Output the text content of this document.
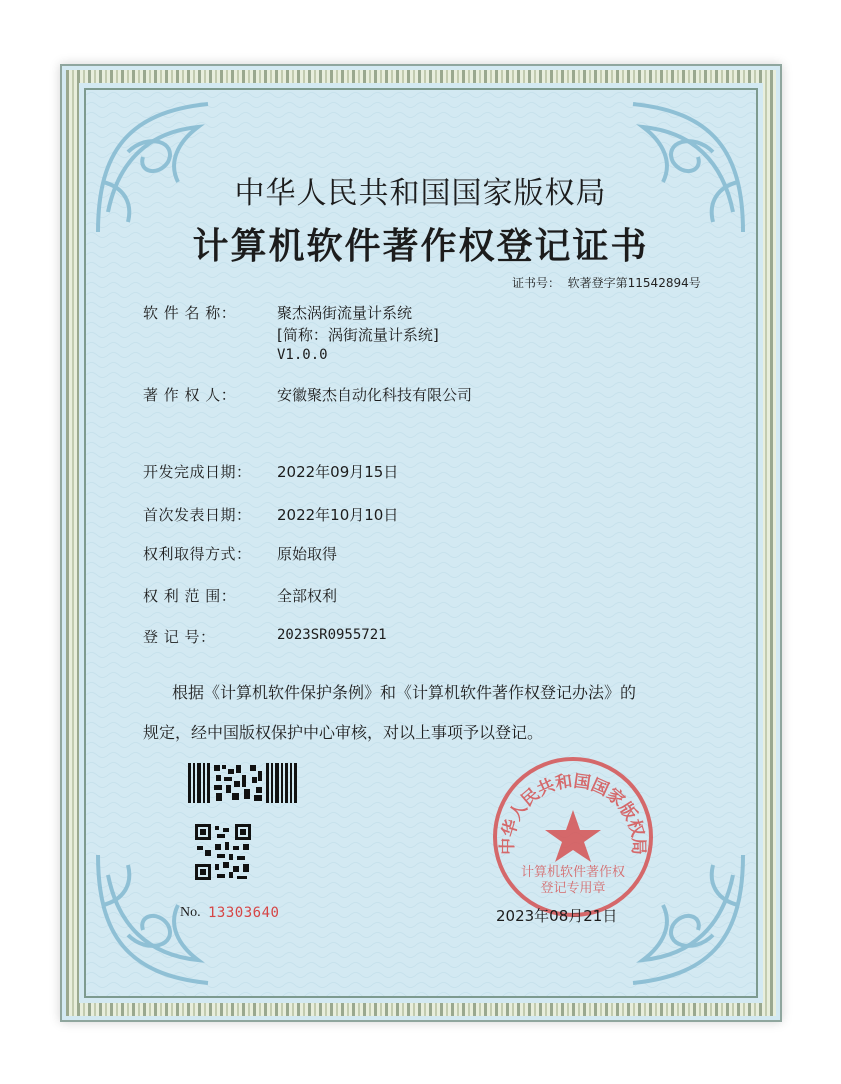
中华人民共和国国家版权局
计算机软件著作权登记证书
证书号： 软著登字第11542894号
软 件 名 称：	聚杰涡街流量计系统
[简称：涡街流量计系统]
V1.0.0
著 作 权 人：	安徽聚杰自动化科技有限公司
开发完成日期： 2022年09月15日
首次发表日期： 2022年10月10日
权利取得方式： 原始取得
权 利 范 围：	全部权利
登 记 号：	2023SR0955721
根据《计算机软件保护条例》和《计算机软件著作权登记办法》的
规定，经中国版权保护中心审核，对以上事项予以登记。
No. 13303640
中华人民共和国国家版权局
计算机软件著作权
登记专用章
2023年08月21日
